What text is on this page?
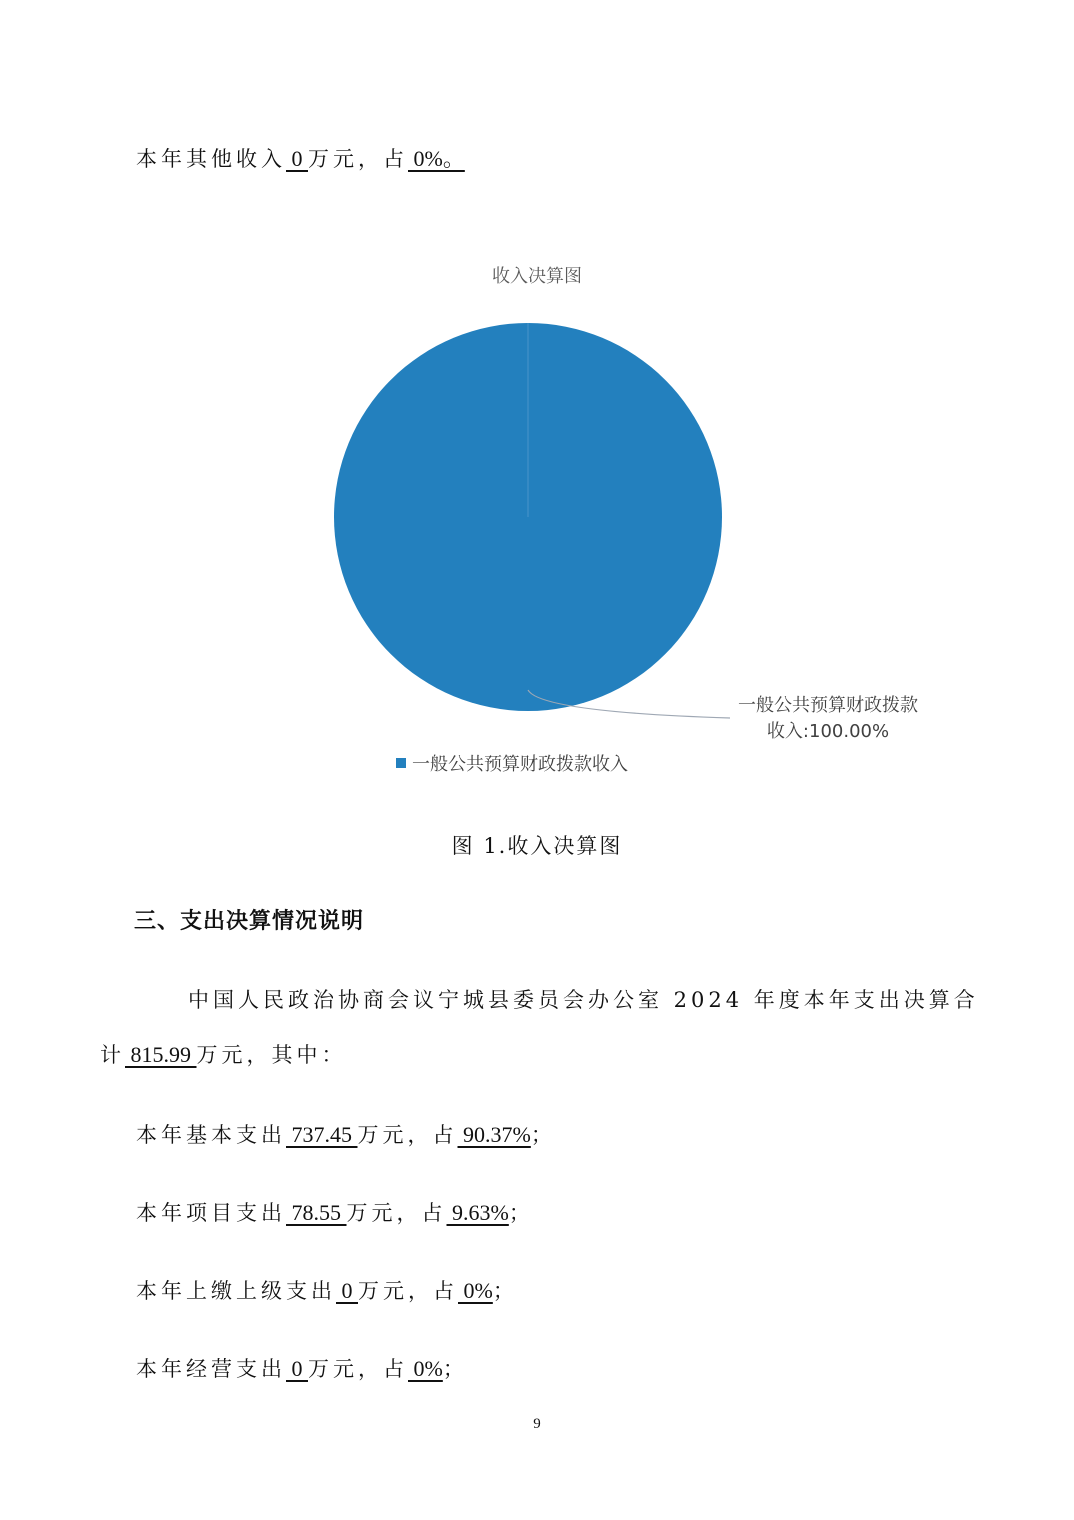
本年其他收入 0 万元，占 0%。
收入决算图
一般公共预算财政拨款
收入:100.00%
一般公共预算财政拨款收入
图 1.收入决算图
三、支出决算情况说明
中国人民政治协商会议宁城县委员会办公室 2024 年度本年支出决算合
计 815.99 万元，其中：
本年基本支出 737.45 万元，占 90.37%；
本年项目支出 78.55 万元，占 9.63%；
本年上缴上级支出 0 万元，占 0%；
本年经营支出 0 万元，占 0%；
9
